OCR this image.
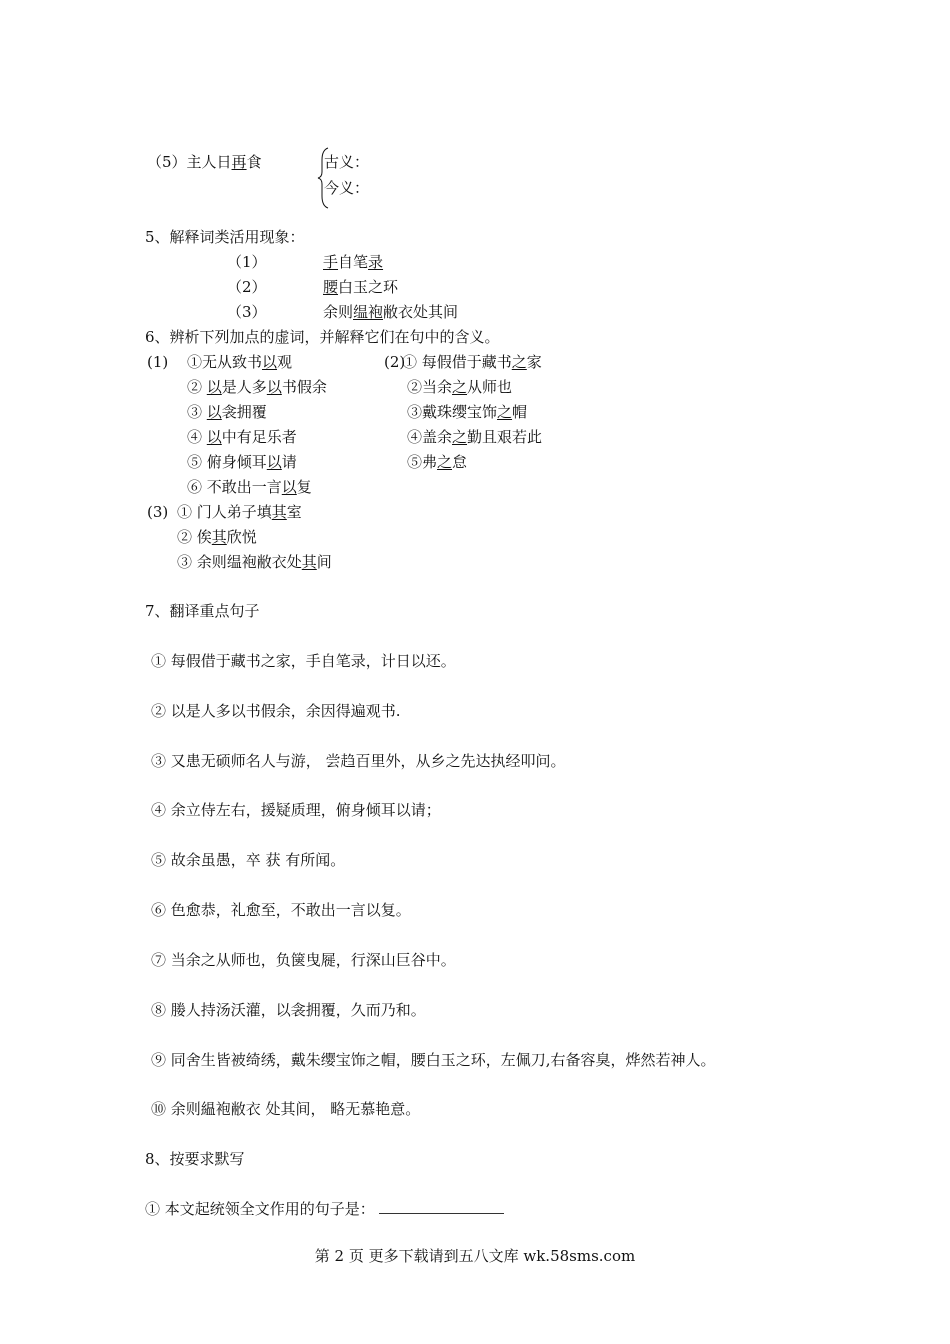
（5）主人日再食	古义：
今义：
5、解释词类活用现象：
（1）	手自笔录
（2）	腰白玉之环
（3）	余则缊袍敝衣处其间
6、辨析下列加点的虚词，并解释它们在句中的含义。
(1) ①无从致书以观
② 以是人多以书假余
③ 以衾拥覆
④ 以中有足乐者
⑤ 俯身倾耳以请
⑥ 不敢出一言以复
(2)
① 每假借于藏书之家
②当余之从师也
③戴珠缨宝饰之帽
④盖余之勤且艰若此
⑤弗之怠
(3) ① 门人弟子填其室
② 俟其欣悦
③ 余则缊袍敝衣处其间
7、翻译重点句子
① 每假借于藏书之家，手自笔录，计日以还。
② 以是人多以书假余，余因得遍观书.
③ 又患无硕师名人与游， 尝趋百里外，从乡之先达执经叩问。
④ 余立侍左右，援疑质理，俯身倾耳以请；
⑤ 故余虽愚，卒 获 有所闻。
⑥ 色愈恭，礼愈至，不敢出一言以复。
⑦ 当余之从师也，负箧曳屣，行深山巨谷中。
⑧ 媵人持汤沃灌，以衾拥覆，久而乃和。
⑨ 同舍生皆被绮绣，戴朱缨宝饰之帽，腰白玉之环，左佩刀,右备容臭，烨然若神人。
⑩ 余则緼袍敝衣 处其间， 略无慕艳意。
8、按要求默写
① 本文起统领全文作用的句子是：
第 2 页 更多下载请到五八文库 wk.58sms.com
